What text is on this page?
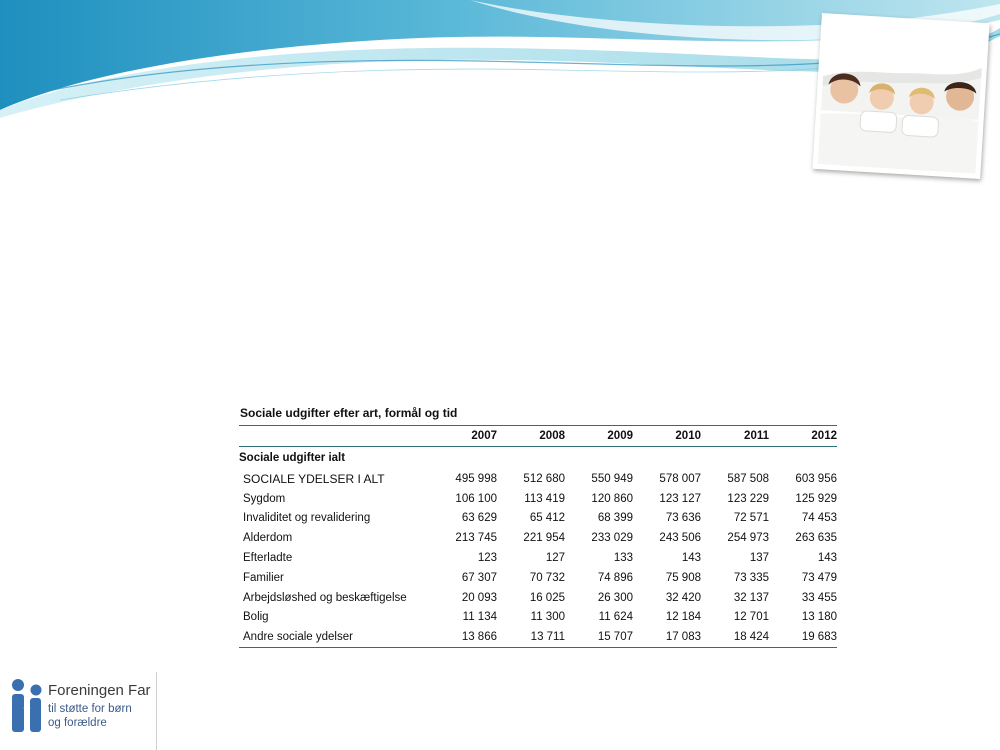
Sociale udgifter efter art, formål og tid
	2007	2008	2009	2010	2011	2012
Sociale udgifter ialt						
SOCIALE YDELSER I ALT	495 998	512 680	550 949	578 007	587 508	603 956
Sygdom	106 100	113 419	120 860	123 127	123 229	125 929
Invaliditet og revalidering	63 629	65 412	68 399	73 636	72 571	74 453
Alderdom	213 745	221 954	233 029	243 506	254 973	263 635
Efterladte	123	127	133	143	137	143
Familier	67 307	70 732	74 896	75 908	73 335	73 479
Arbejdsløshed og beskæftigelse	20 093	16 025	26 300	32 420	32 137	33 455
Bolig	11 134	11 300	11 624	12 184	12 701	13 180
Andre sociale ydelser	13 866	13 711	15 707	17 083	18 424	19 683
Foreningen Far
til støtte for børn
og forældre
